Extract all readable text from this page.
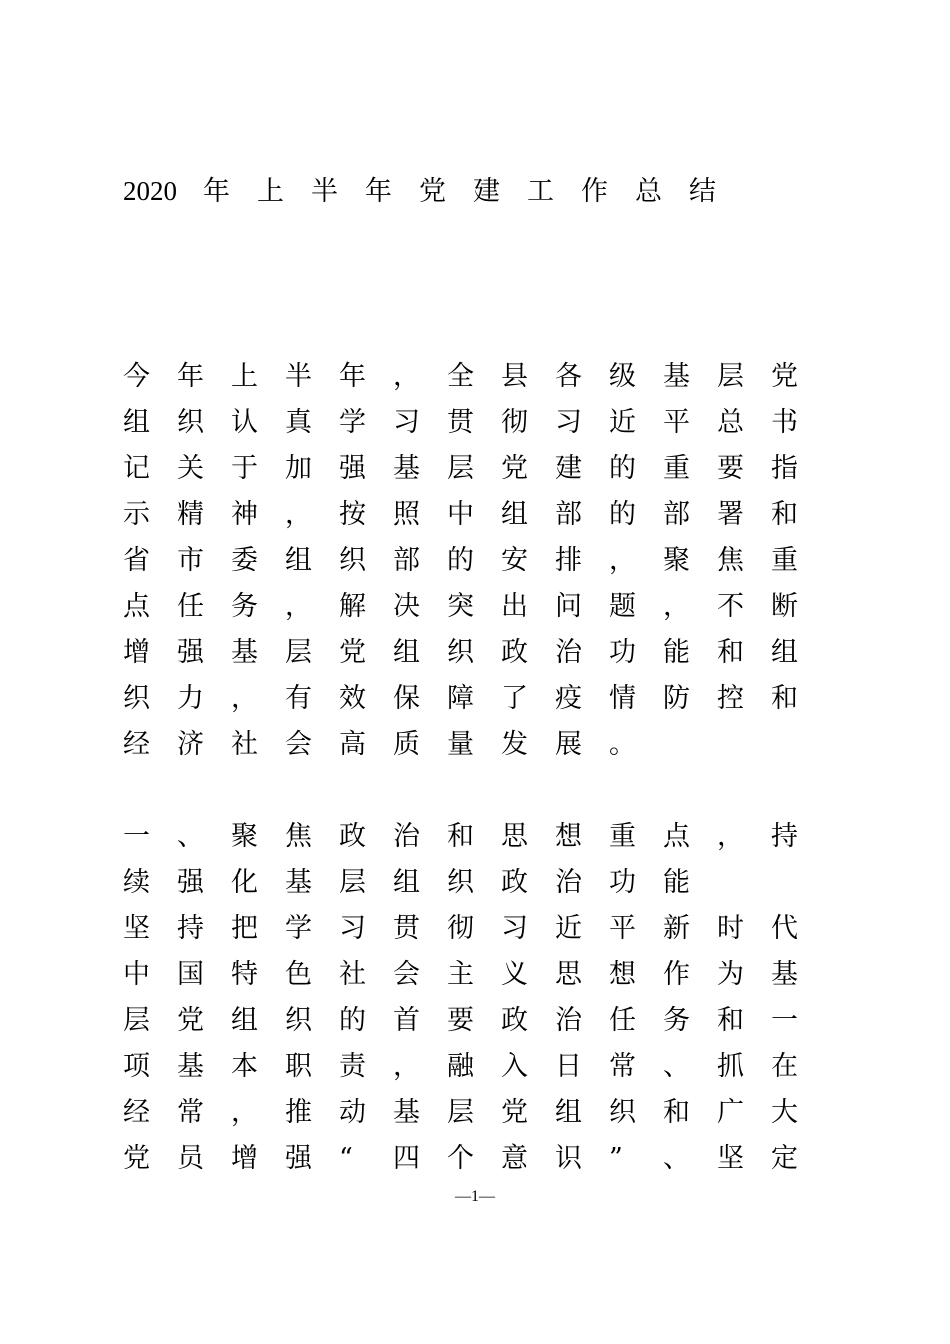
2020 年 上 半 年 党 建 工 作 总 结
今 年 上 半 年 ， 全 县 各 级 基 层 党
组 织 认 真 学 习 贯 彻 习 近 平 总 书
记 关 于 加 强 基 层 党 建 的 重 要 指
示 精 神 ， 按 照 中 组 部 的 部 署 和
省 市 委 组 织 部 的 安 排 ， 聚 焦 重
点 任 务 ， 解 决 突 出 问 题 ， 不 断
增 强 基 层 党 组 织 政 治 功 能 和 组
织 力 ， 有 效 保 障 了 疫 情 防 控 和
经 济 社 会 高 质 量 发 展 。
一 、 聚 焦 政 治 和 思 想 重 点 ， 持
续 强 化 基 层 组 织 政 治 功 能
坚 持 把 学 习 贯 彻 习 近 平 新 时 代
中 国 特 色 社 会 主 义 思 想 作 为 基
层 党 组 织 的 首 要 政 治 任 务 和 一
项 基 本 职 责 ， 融 入 日 常 、 抓 在
经 常 ， 推 动 基 层 党 组 织 和 广 大
党 员 增 强 “ 四 个 意 识 ” 、 坚 定
—1—
